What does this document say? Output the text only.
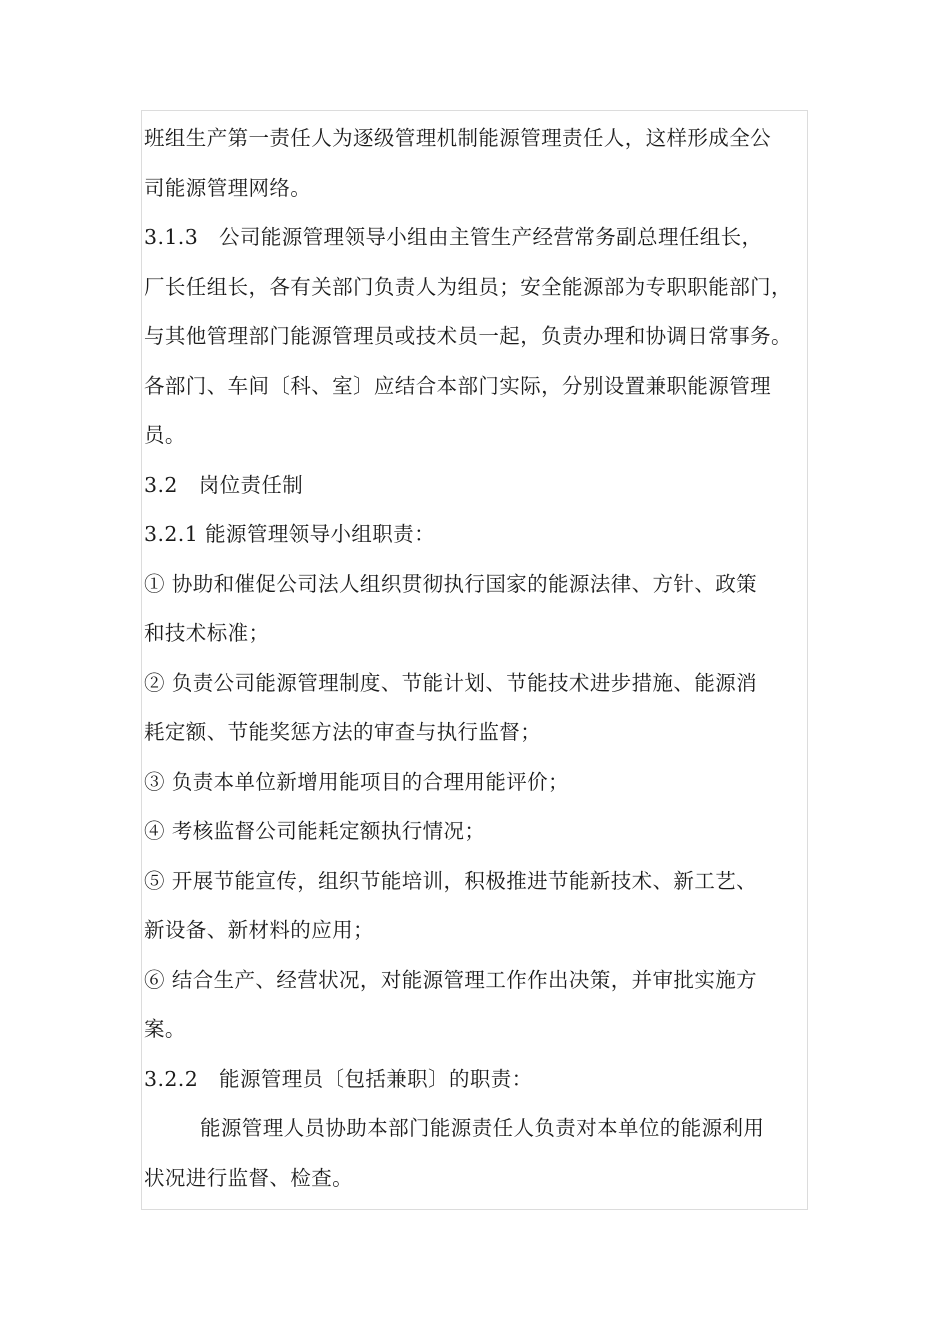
班组生产第一责任人为逐级管理机制能源管理责任人，这样形成全公
司能源管理网络。
3.1.3　公司能源管理领导小组由主管生产经营常务副总理任组长，
厂长任组长，各有关部门负责人为组员；安全能源部为专职职能部门，
与其他管理部门能源管理员或技术员一起，负责办理和协调日常事务。
各部门、车间〔科、室〕应结合本部门实际，分别设置兼职能源管理
员。
3.2　岗位责任制
3.2.1 能源管理领导小组职责：
① 协助和催促公司法人组织贯彻执行国家的能源法律、方针、政策
和技术标准；
② 负责公司能源管理制度、节能计划、节能技术进步措施、能源消
耗定额、节能奖惩方法的审查与执行监督；
③ 负责本单位新增用能项目的合理用能评价；
④ 考核监督公司能耗定额执行情况；
⑤ 开展节能宣传，组织节能培训，积极推进节能新技术、新工艺、
新设备、新材料的应用；
⑥ 结合生产、经营状况，对能源管理工作作出决策，并审批实施方
案。
3.2.2　能源管理员〔包括兼职〕的职责：
能源管理人员协助本部门能源责任人负责对本单位的能源利用
状况进行监督、检查。
